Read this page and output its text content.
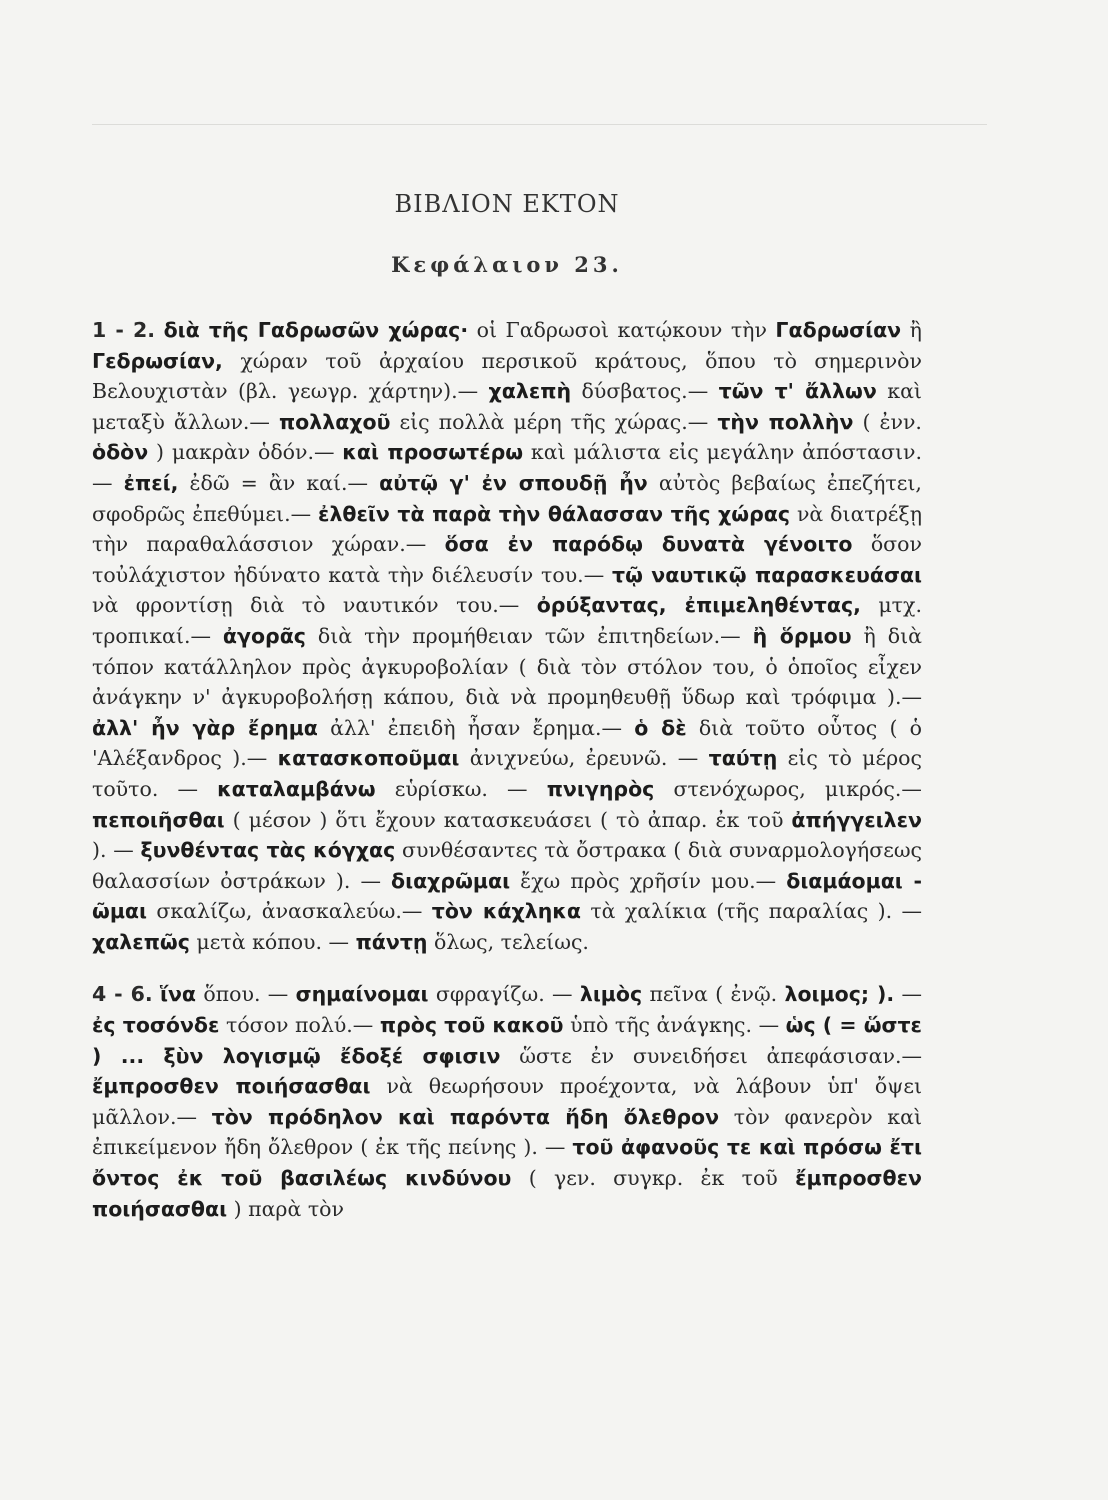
ΒΙΒΛΙΟΝ ΕΚΤΟΝ
Κεφάλαιον 23.

1 - 2. διὰ τῆς Γαδρωσῶν χώρας· οἱ Γαδρωσοὶ κατῴκουν τὴν Γαδρωσίαν ἢ Γεδρωσίαν, χώραν τοῦ ἀρχαίου περσικοῦ κράτους, ὅπου τὸ σημερινὸν Βελουχιστὰν (βλ. γεωγρ. χάρτην).— χαλεπὴ δύσβατος.— τῶν τ' ἄλλων καὶ μεταξὺ ἄλλων.— πολλαχοῦ εἰς πολλὰ μέρη τῆς χώρας.— τὴν πολλὴν ( ἐνν. ὁδὸν ) μακρὰν ὁδόν.— καὶ προσωτέρω καὶ μάλιστα εἰς μεγάλην ἀπόστασιν.— ἐπεί, ἐδῶ = ἂν καί.— αὐτῷ γ' ἐν σπουδῇ ἦν αὐτὸς βεβαίως ἐπεζήτει, σφοδρῶς ἐπεθύμει.— ἐλθεῖν τὰ παρὰ τὴν θάλασσαν τῆς χώρας νὰ διατρέξῃ τὴν παραθαλάσσιον χώραν.— ὅσα ἐν παρόδῳ δυνατὰ γένοιτο ὅσον τοὐλάχιστον ἠδύνατο κατὰ τὴν διέλευσίν του.— τῷ ναυτικῷ παρασκευάσαι νὰ φροντίσῃ διὰ τὸ ναυτικόν του.— ὀρύξαντας, ἐπιμεληθέντας, μτχ. τροπικαί.— ἀγορᾶς διὰ τὴν προμήθειαν τῶν ἐπιτηδείων.— ἢ ὅρμου ἢ διὰ τόπον κατάλληλον πρὸς ἀγκυροβολίαν ( διὰ τὸν στόλον του, ὁ ὁποῖος εἶχεν ἀνάγκην ν' ἀγκυροβολήσῃ κάπου, διὰ νὰ προμηθευθῇ ὕδωρ καὶ τρόφιμα ).— ἀλλ' ἦν γὰρ ἔρημα ἀλλ' ἐπειδὴ ἦσαν ἔρημα.— ὁ δὲ διὰ τοῦτο οὗτος ( ὁ 'Αλέξανδρος ).— κατασκοποῦμαι ἀνιχνεύω, ἐρευνῶ. — ταύτῃ εἰς τὸ μέρος τοῦτο. — καταλαμβάνω εὑρίσκω. — πνιγηρὸς στενόχωρος, μικρός.— πεποιῆσθαι ( μέσον ) ὅτι ἔχουν κατασκευάσει ( τὸ ἀπαρ. ἐκ τοῦ ἀπήγγειλεν ). — ξυνθέντας τὰς κόγχας συνθέσαντες τὰ ὄστρακα ( διὰ συναρμολογήσεως θαλασσίων ὀστράκων ). — διαχρῶμαι ἔχω πρὸς χρῆσίν μου.— διαμάομαι - ῶμαι σκαλίζω, ἀνασκαλεύω.— τὸν κάχληκα τὰ χαλίκια (τῆς παραλίας ). — χαλεπῶς μετὰ κόπου. — πάντῃ ὅλως, τελείως.

4 - 6. ἵνα ὅπου. — σημαίνομαι σφραγίζω. — λιμὸς πεῖνα ( ἐνῷ. λοιμος; ). — ἐς τοσόνδε τόσον πολύ.— πρὸς τοῦ κακοῦ ὑπὸ τῆς ἀνάγκης. — ὡς ( = ὥστε ) ... ξὺν λογισμῷ ἔδοξέ σφισιν ὥστε ἐν συνειδήσει ἀπεφάσισαν.— ἔμπροσθεν ποιήσασθαι νὰ θεωρήσουν προέχοντα, νὰ λάβουν ὑπ' ὄψει μᾶλλον.— τὸν πρόδηλον καὶ παρόντα ἤδη ὄλεθρον τὸν φανερὸν καὶ ἐπικείμενον ἤδη ὄλεθρον ( ἐκ τῆς πείνης ). — τοῦ ἀφανοῦς τε καὶ πρόσω ἔτι ὄντος ἐκ τοῦ βασιλέως κινδύνου ( γεν. συγκρ. ἐκ τοῦ ἔμπροσθεν ποιήσασθαι ) παρὰ τὸν
